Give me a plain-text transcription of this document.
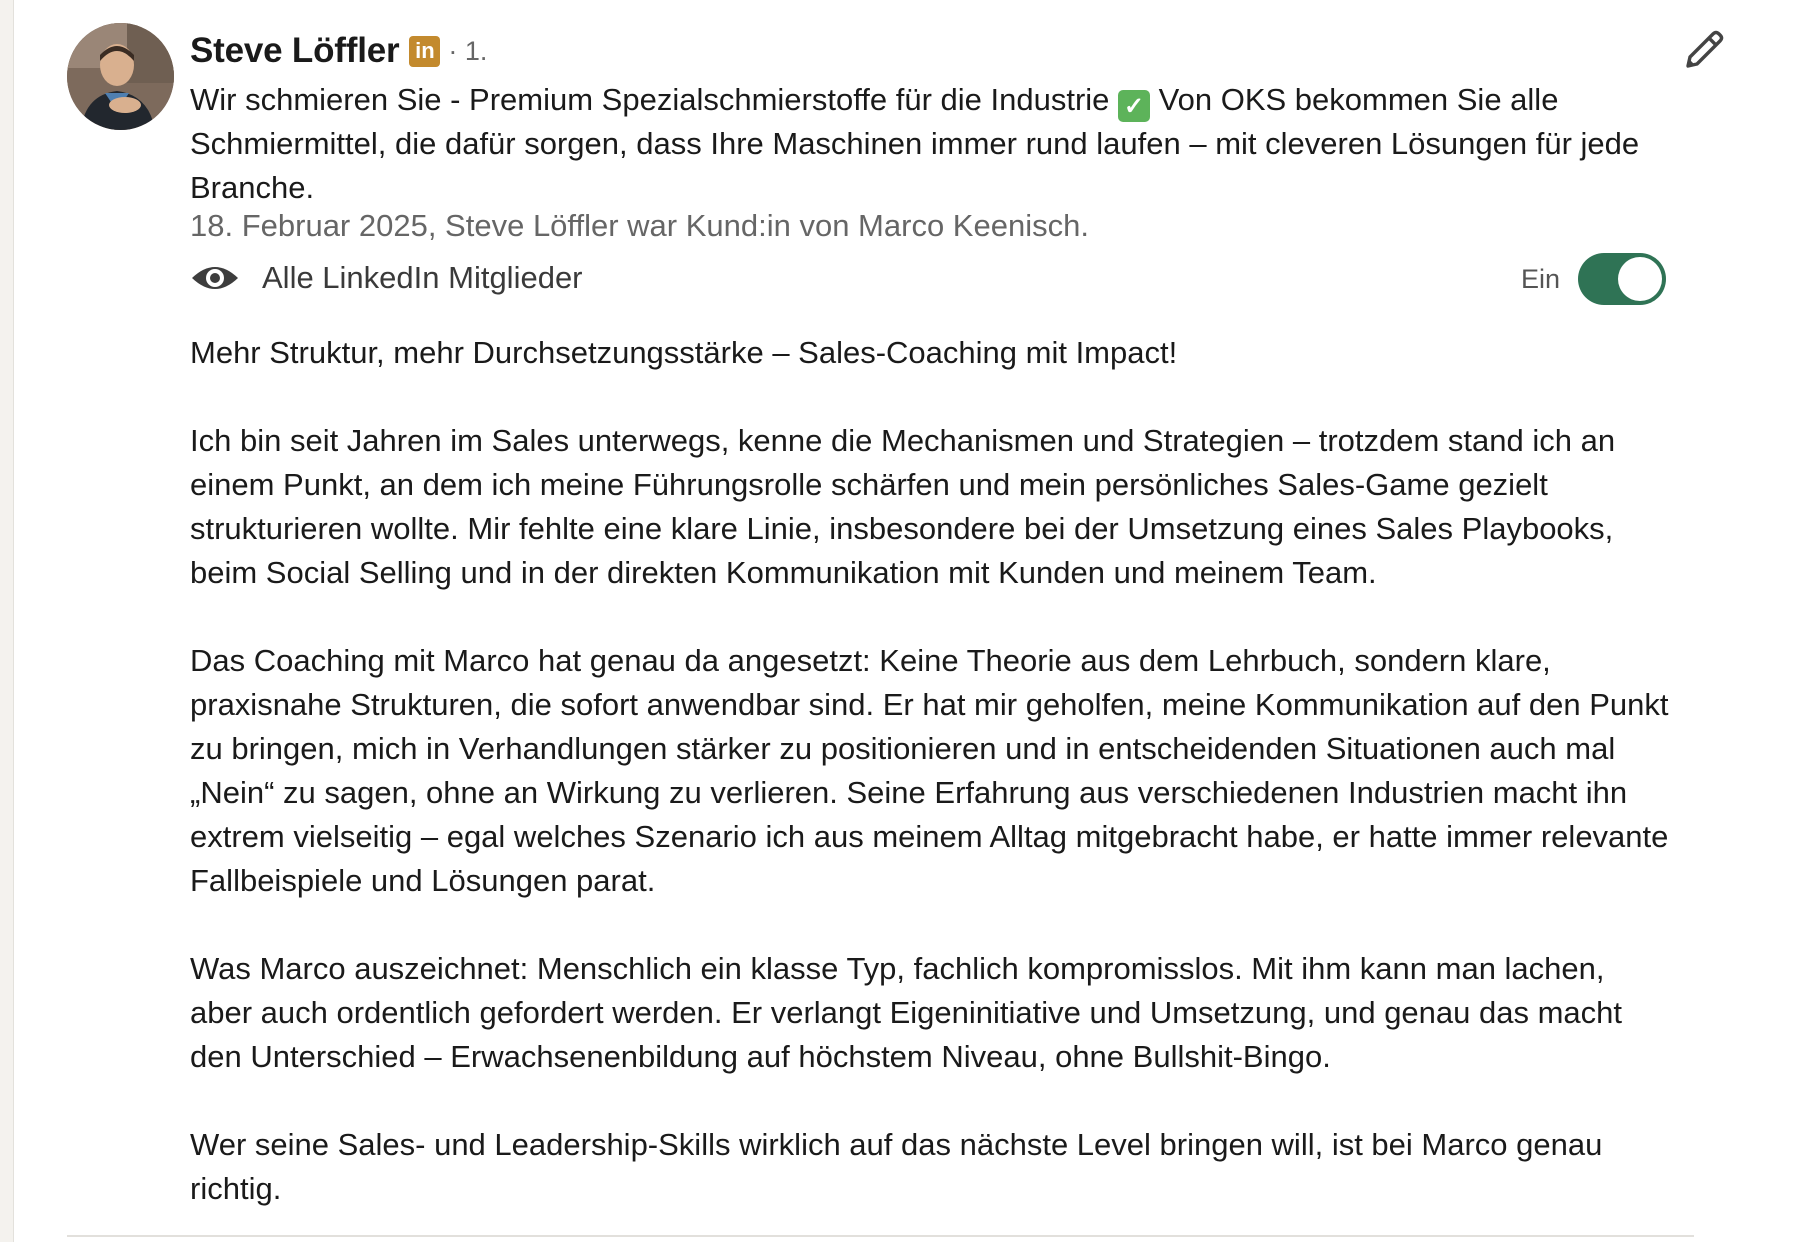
Steve Löffler in · 1.
Wir schmieren Sie - Premium Spezialschmierstoffe für die Industrie ✓ Von OKS bekommen Sie alle Schmiermittel, die dafür sorgen, dass Ihre Maschinen immer rund laufen – mit cleveren Lösungen für jede Branche.
18. Februar 2025, Steve Löffler war Kund:in von Marco Keenisch.
Alle LinkedIn Mitglieder	Ein

Mehr Struktur, mehr Durchsetzungsstärke – Sales-Coaching mit Impact!

Ich bin seit Jahren im Sales unterwegs, kenne die Mechanismen und Strategien – trotzdem stand ich an einem Punkt, an dem ich meine Führungsrolle schärfen und mein persönliches Sales-Game gezielt strukturieren wollte. Mir fehlte eine klare Linie, insbesondere bei der Umsetzung eines Sales Playbooks, beim Social Selling und in der direkten Kommunikation mit Kunden und meinem Team.

Das Coaching mit Marco hat genau da angesetzt: Keine Theorie aus dem Lehrbuch, sondern klare, praxisnahe Strukturen, die sofort anwendbar sind. Er hat mir geholfen, meine Kommunikation auf den Punkt zu bringen, mich in Verhandlungen stärker zu positionieren und in entscheidenden Situationen auch mal „Nein“ zu sagen, ohne an Wirkung zu verlieren. Seine Erfahrung aus verschiedenen Industrien macht ihn extrem vielseitig – egal welches Szenario ich aus meinem Alltag mitgebracht habe, er hatte immer relevante Fallbeispiele und Lösungen parat.

Was Marco auszeichnet: Menschlich ein klasse Typ, fachlich kompromisslos. Mit ihm kann man lachen, aber auch ordentlich gefordert werden. Er verlangt Eigeninitiative und Umsetzung, und genau das macht den Unterschied – Erwachsenenbildung auf höchstem Niveau, ohne Bullshit-Bingo.

Wer seine Sales- und Leadership-Skills wirklich auf das nächste Level bringen will, ist bei Marco genau richtig.
